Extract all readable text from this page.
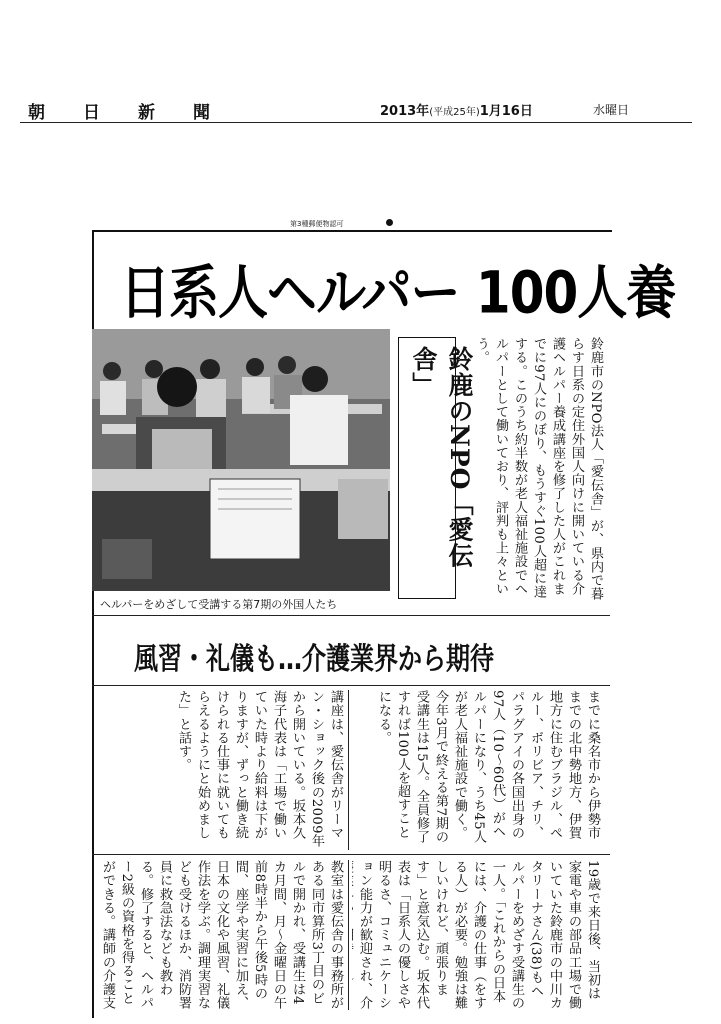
朝日新聞	2013年(平成25年)1月16日	水曜日
第3種郵便物認可
日系人ヘルパー 100人養
ヘルパーをめざして受講する第7期の外国人たち
鈴鹿のNPO「愛伝舎」	鈴鹿市のNPO法人「愛伝舎」が、県内で暮らす日系の定住外国人向けに開いている介護ヘルパー養成講座を修了した人がこれまでに97人にのぼり、もうすぐ100人超に達する。このうち約半数が老人福祉施設でヘルパーとして働いており、評判も上々という。
風習・礼儀も…介護業界から期待
までに桑名市から伊勢市までの北中勢地方、伊賀地方に住むブラジル、ペルー、ボリビア、チリ、パラグアイの各国出身の97人（10～60代）がヘルパーになり、うち45人が老人福祉施設で働く。今年3月で終える第7期の受講生は15人。全員修了すれば100人を超すことになる。
講座は、愛伝舎がリーマン・ショック後の2009年から開いている。坂本久海子代表は「工場で働いていた時より給料は下がりますが、ずっと働き続けられる仕事に就いてもらえるようにと始めました」と話す。
19歳で来日後、当初は家電や車の部品工場で働いていた鈴鹿市の中川カタリーナさん(38)もヘルパーをめざす受講生の一人。「これからの日本には、介護の仕事（をする人）が必要。勉強は難しいけれど、頑張ります」と意気込む。坂本代表は「日系人の優しさや明るさ、コミュニケーション能力が歓迎され、介
教室は愛伝舎の事務所がある同市算所3丁目のビルで開かれ、受講生は4カ月間、月～金曜日の午前8時半から午後5時の間、座学や実習に加え、日本の文化や風習、礼儀作法を学ぶ。調理実習なども受けるほか、消防署員に救急法なども教わる。修了すると、ヘルパー2級の資格を得ることができる。講師の介護支
